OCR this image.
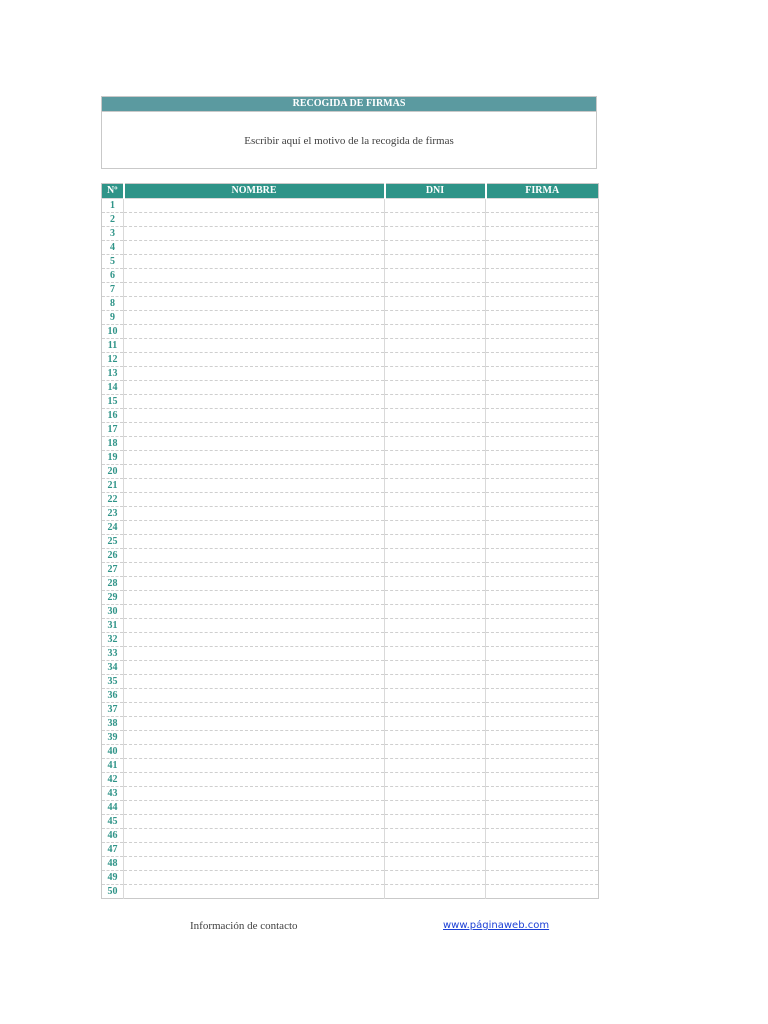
RECOGIDA DE FIRMAS
Escribir aquí el motivo de la recogida de firmas
Nº	NOMBRE	DNI	FIRMA
1			
2			
3			
4			
5			
6			
7			
8			
9			
10			
11			
12			
13			
14			
15			
16			
17			
18			
19			
20			
21			
22			
23			
24			
25			
26			
27			
28			
29			
30			
31			
32			
33			
34			
35			
36			
37			
38			
39			
40			
41			
42			
43			
44			
45			
46			
47			
48			
49			
50			
Información de contacto	www.páginaweb.com
